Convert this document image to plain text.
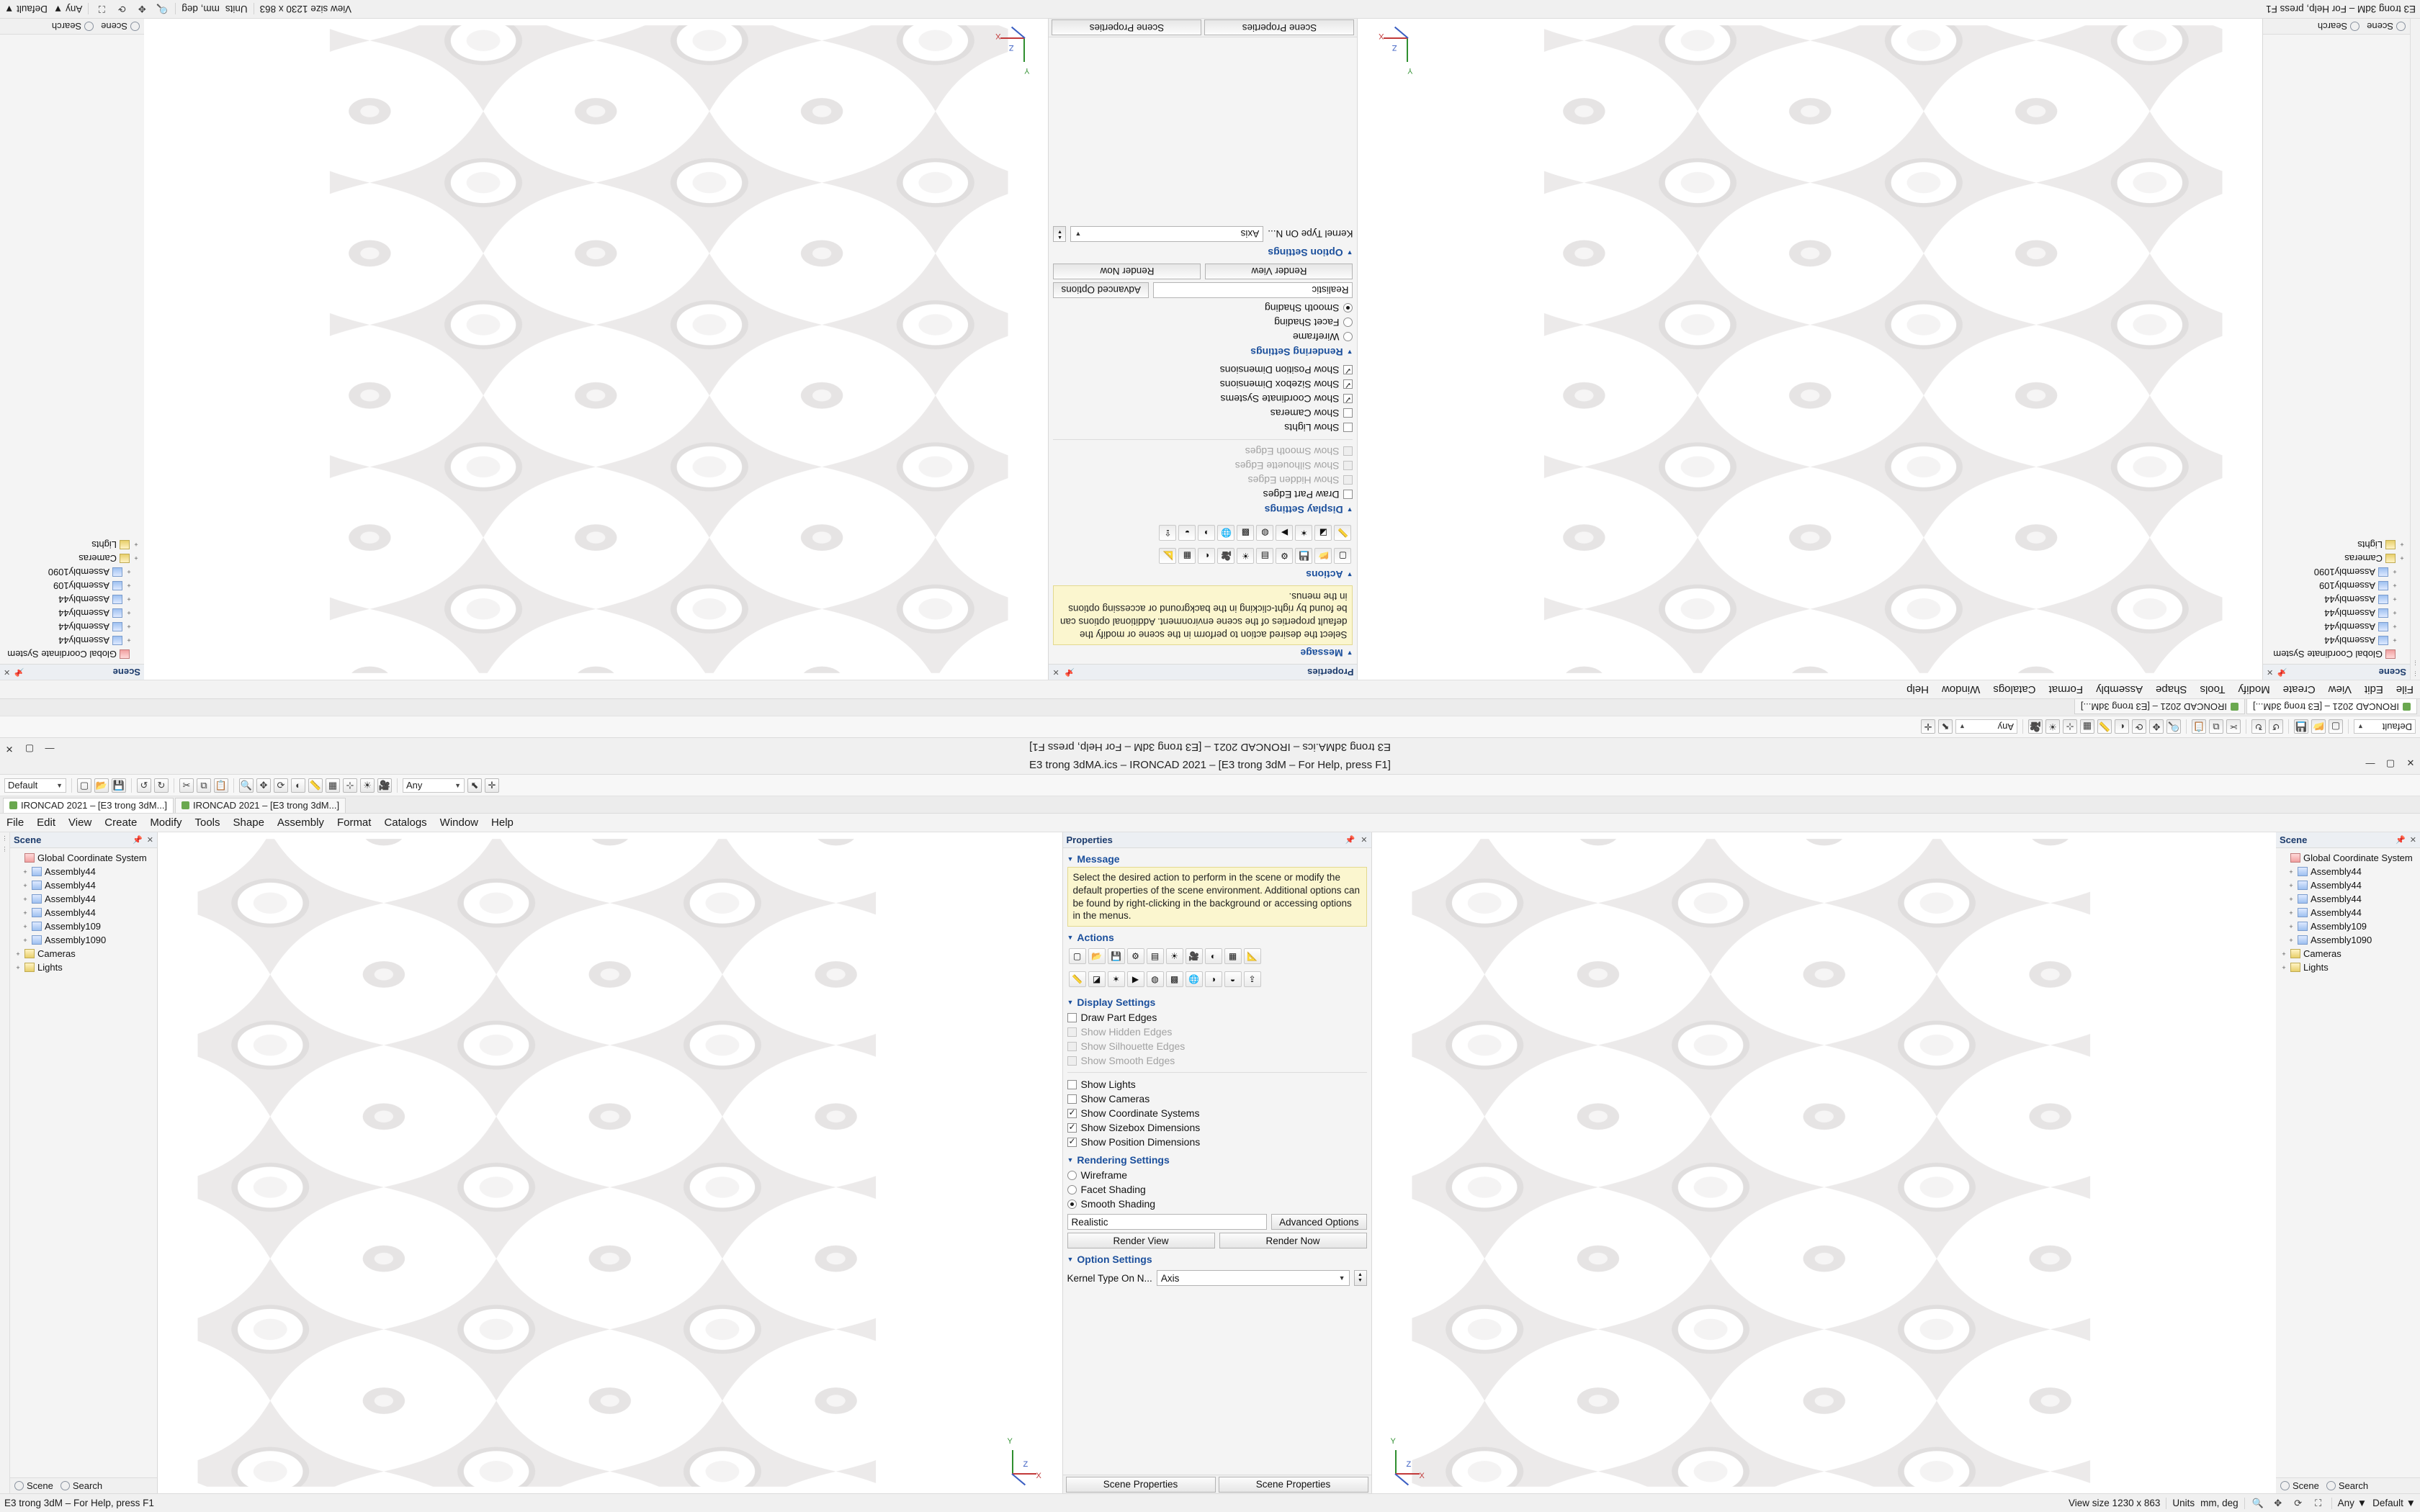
E3 trong 3dMA.ics – IRONCAD 2021 – [E3 trong 3dM – For Help, press F1]
—
▢
✕
Default
▼
▢
📂
💾
↺
↻
✂
⧉
📋
🔍
✥
⟳
◐
📏
▦
⊹
☀
🎥
Any
▼
⬉
✛
IRONCAD 2021 – [E3 trong 3dM...]
IRONCAD 2021 – [E3 trong 3dM...]
File
Edit
View
Create
Modify
Tools
Shape
Assembly
Format
Catalogs
Window
Help
⋮
⋮
Scene
📌
✕
Global Coordinate System
+
Assembly44
+
Assembly44
+
Assembly44
+
Assembly44
+
Assembly109
+
Assembly1090
+
Cameras
+
Lights
Scene
Search
Y
X
Z
Properties
📌
✕
▼
Message
Select the desired action to perform in the scene or modify the default properties of the scene environment. Additional options can be found by right-clicking in the background or accessing options in the menus.
▼
Actions
▢
📂
💾
⚙
▤
☀
🎥
◐
▦
📐
📏
◪
✶
▶
◍
▩
🌐
◑
◒
⇪
▼
Display Settings
Draw Part Edges
Show Hidden Edges
Show Silhouette Edges
Show Smooth Edges
Show Lights
Show Cameras
✓
Show Coordinate Systems
✓
Show Sizebox Dimensions
✓
Show Position Dimensions
▼
Rendering Settings
Wireframe
Facet Shading
Smooth Shading
Realistic
Advanced Options
Render View
Render Now
▼
Option Settings
Kernel Type On N...
Axis
▼
▲
▼
Scene Properties
Scene Properties
Y
X
Z
Scene
📌
✕
Global Coordinate System
+
Assembly44
+
Assembly44
+
Assembly44
+
Assembly44
+
Assembly109
+
Assembly1090
+
Cameras
+
Lights
Scene
Search
E3 trong 3dM – For Help, press F1
View size 1230 x 863
Units
mm, deg
🔍
✥
⟳
⛶
Any ▼
Default ▼
E3 trong 3dMA.ics – IRONCAD 2021 – [E3 trong 3dM – For Help, press F1]	— ▢ ✕
Default	▼ ▢ 📂 💾	↺	↻	✂	⧉ 📋 🔍 ✥	⟳	◐ 📏 ▦ ⊹ ☀ 🎥 Any	▼	⬉	✛
IRONCAD 2021 – [E3 trong 3dM...]	IRONCAD 2021 – [E3 trong 3dM...]
File	Edit	View	Create	Modify	Tools	Shape	Assembly	Format	Catalogs	Window	Help
⋮
⋮
Scene	📌 ✕
Global Coordinate System
+ Assembly44
+ Assembly44
+ Assembly44
+ Assembly44
+ Assembly109
+ Assembly1090
+ Cameras
+ Lights
Scene Search
Y
X
Z
Properties	📌 ✕
▼ Message
Select the desired action to perform in the scene or modify the default properties of the scene environment. Additional options can be found by right-clicking in the background or accessing options in the menus.
▼ Actions
▢	📂	💾	⚙	▤	☀	🎥	◐	▦	📐
📏	◪	✶	▶	◍	▩	🌐	◑	◒	⇪
▼ Display Settings
Draw Part Edges
Show Hidden Edges
Show Silhouette Edges
Show Smooth Edges
Show Lights
Show Cameras
✓
Show Coordinate Systems
✓
Show Sizebox Dimensions
✓
Show Position Dimensions
▼ Rendering Settings
Wireframe
Facet Shading
Smooth Shading
Realistic	Advanced Options
Render View	Render Now
▼ Option Settings
Kernel Type On N... Axis	▼	▲
▼
Scene Properties	Scene Properties
Y
X
Z
Scene	📌 ✕
Global Coordinate System
+ Assembly44
+ Assembly44
+ Assembly44
+ Assembly44
+ Assembly109
+ Assembly1090
+ Cameras
+ Lights
Scene Search
E3 trong 3dM – For Help, press F1	View size 1230 x 863 Units mm, deg 🔍	✥	⟳	⛶	Any ▼ Default ▼
